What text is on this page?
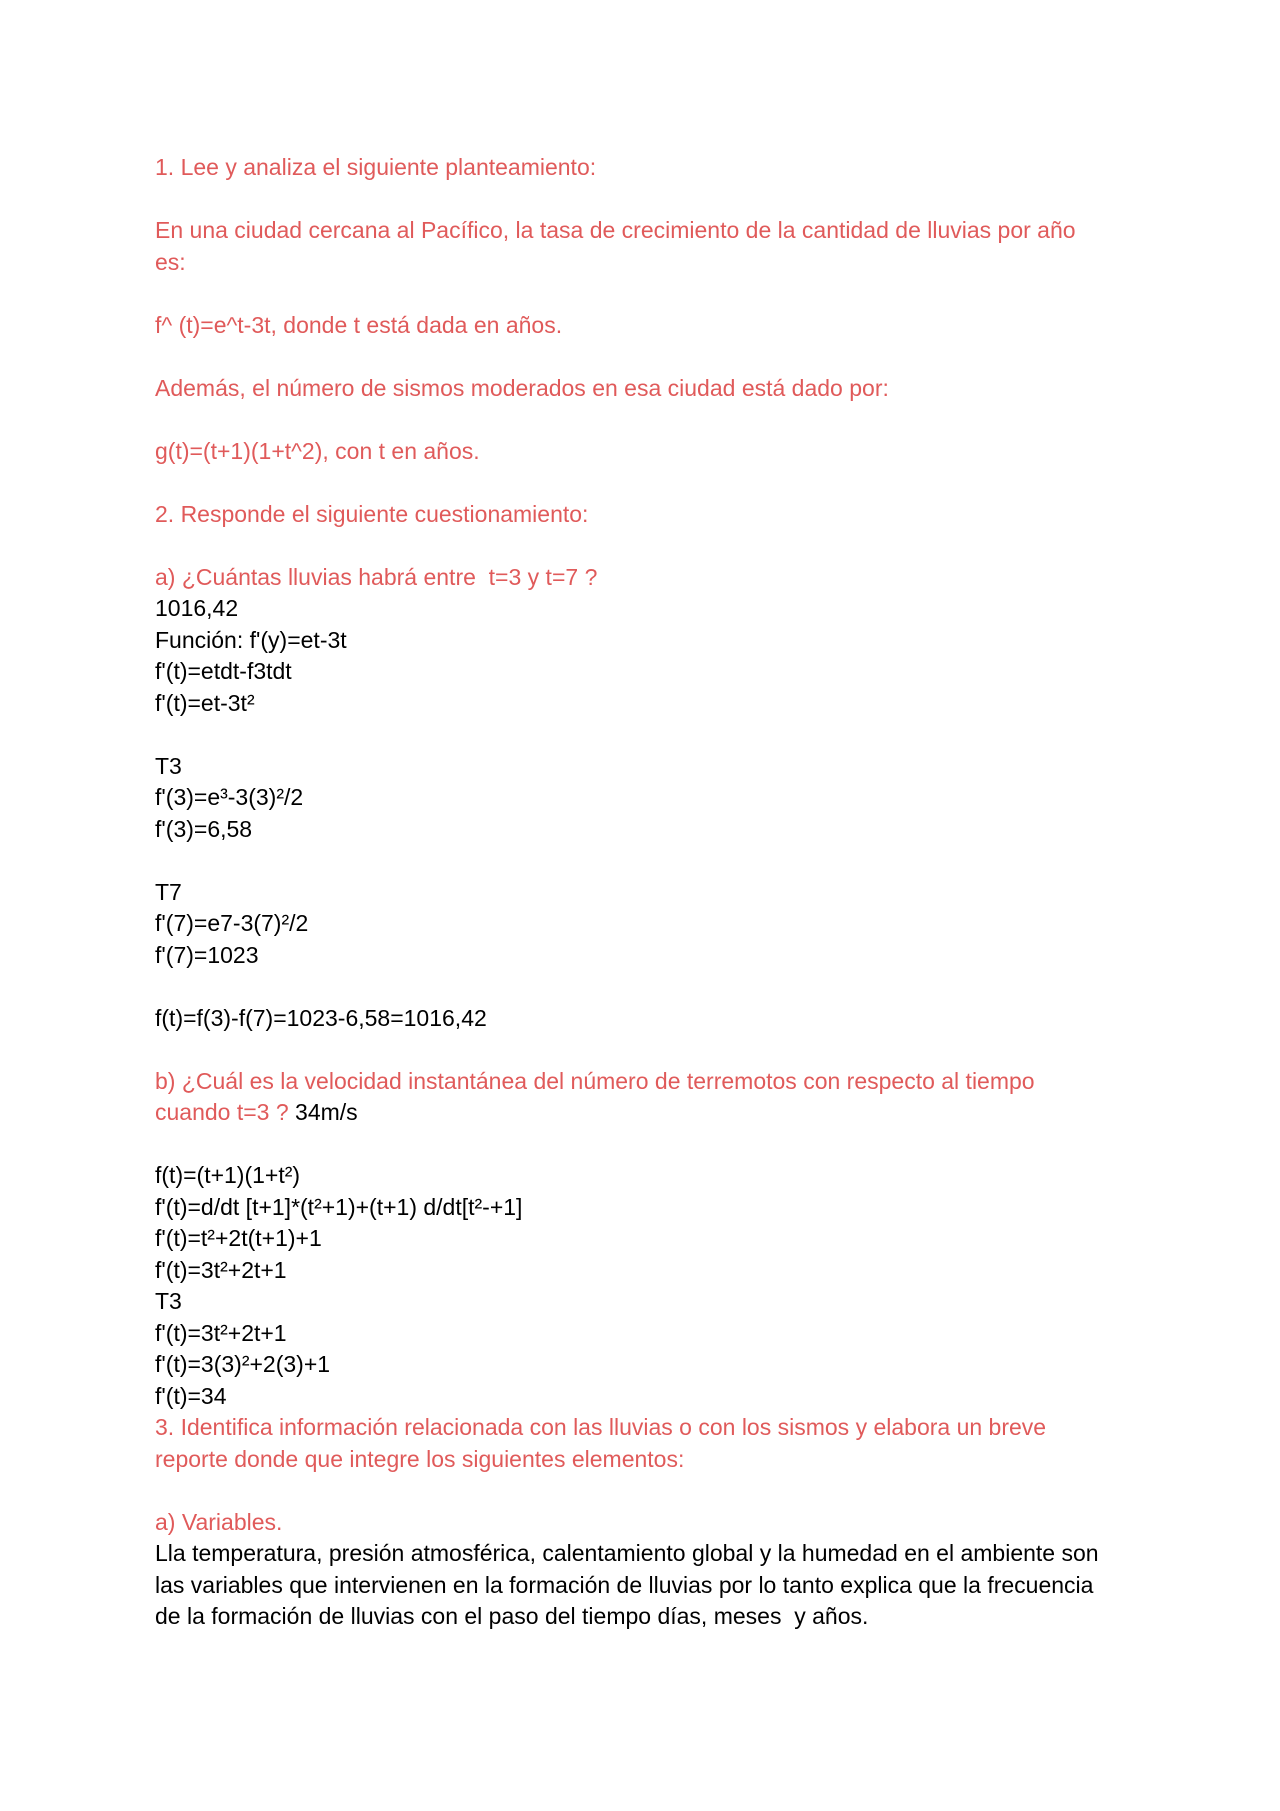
1. Lee y analiza el siguiente planteamiento:
En una ciudad cercana al Pacífico, la tasa de crecimiento de la cantidad de lluvias por año
es:
f^ (t)=e^t-3t, donde t está dada en años.
Además, el número de sismos moderados en esa ciudad está dado por:
g(t)=(t+1)(1+t^2), con t en años.
2. Responde el siguiente cuestionamiento:
a) ¿Cuántas lluvias habrá entre  t=3 y t=7 ?
1016,42
Función: f'(y)=et-3t
f'(t)=etdt-f3tdt
f'(t)=et-3t²
T3
f'(3)=e³-3(3)²/2
f'(3)=6,58
T7
f'(7)=e7-3(7)²/2
f'(7)=1023
f(t)=f(3)-f(7)=1023-6,58=1016,42
b) ¿Cuál es la velocidad instantánea del número de terremotos con respecto al tiempo
cuando t=3 ? 34m/s
f(t)=(t+1)(1+t²)
f'(t)=d/dt [t+1]*(t²+1)+(t+1) d/dt[t²-+1]
f'(t)=t²+2t(t+1)+1
f'(t)=3t²+2t+1
T3
f'(t)=3t²+2t+1
f'(t)=3(3)²+2(3)+1
f'(t)=34
3. Identifica información relacionada con las lluvias o con los sismos y elabora un breve
reporte donde que integre los siguientes elementos:
a) Variables.
Lla temperatura, presión atmosférica, calentamiento global y la humedad en el ambiente son
las variables que intervienen en la formación de lluvias por lo tanto explica que la frecuencia
de la formación de lluvias con el paso del tiempo días, meses  y años.
